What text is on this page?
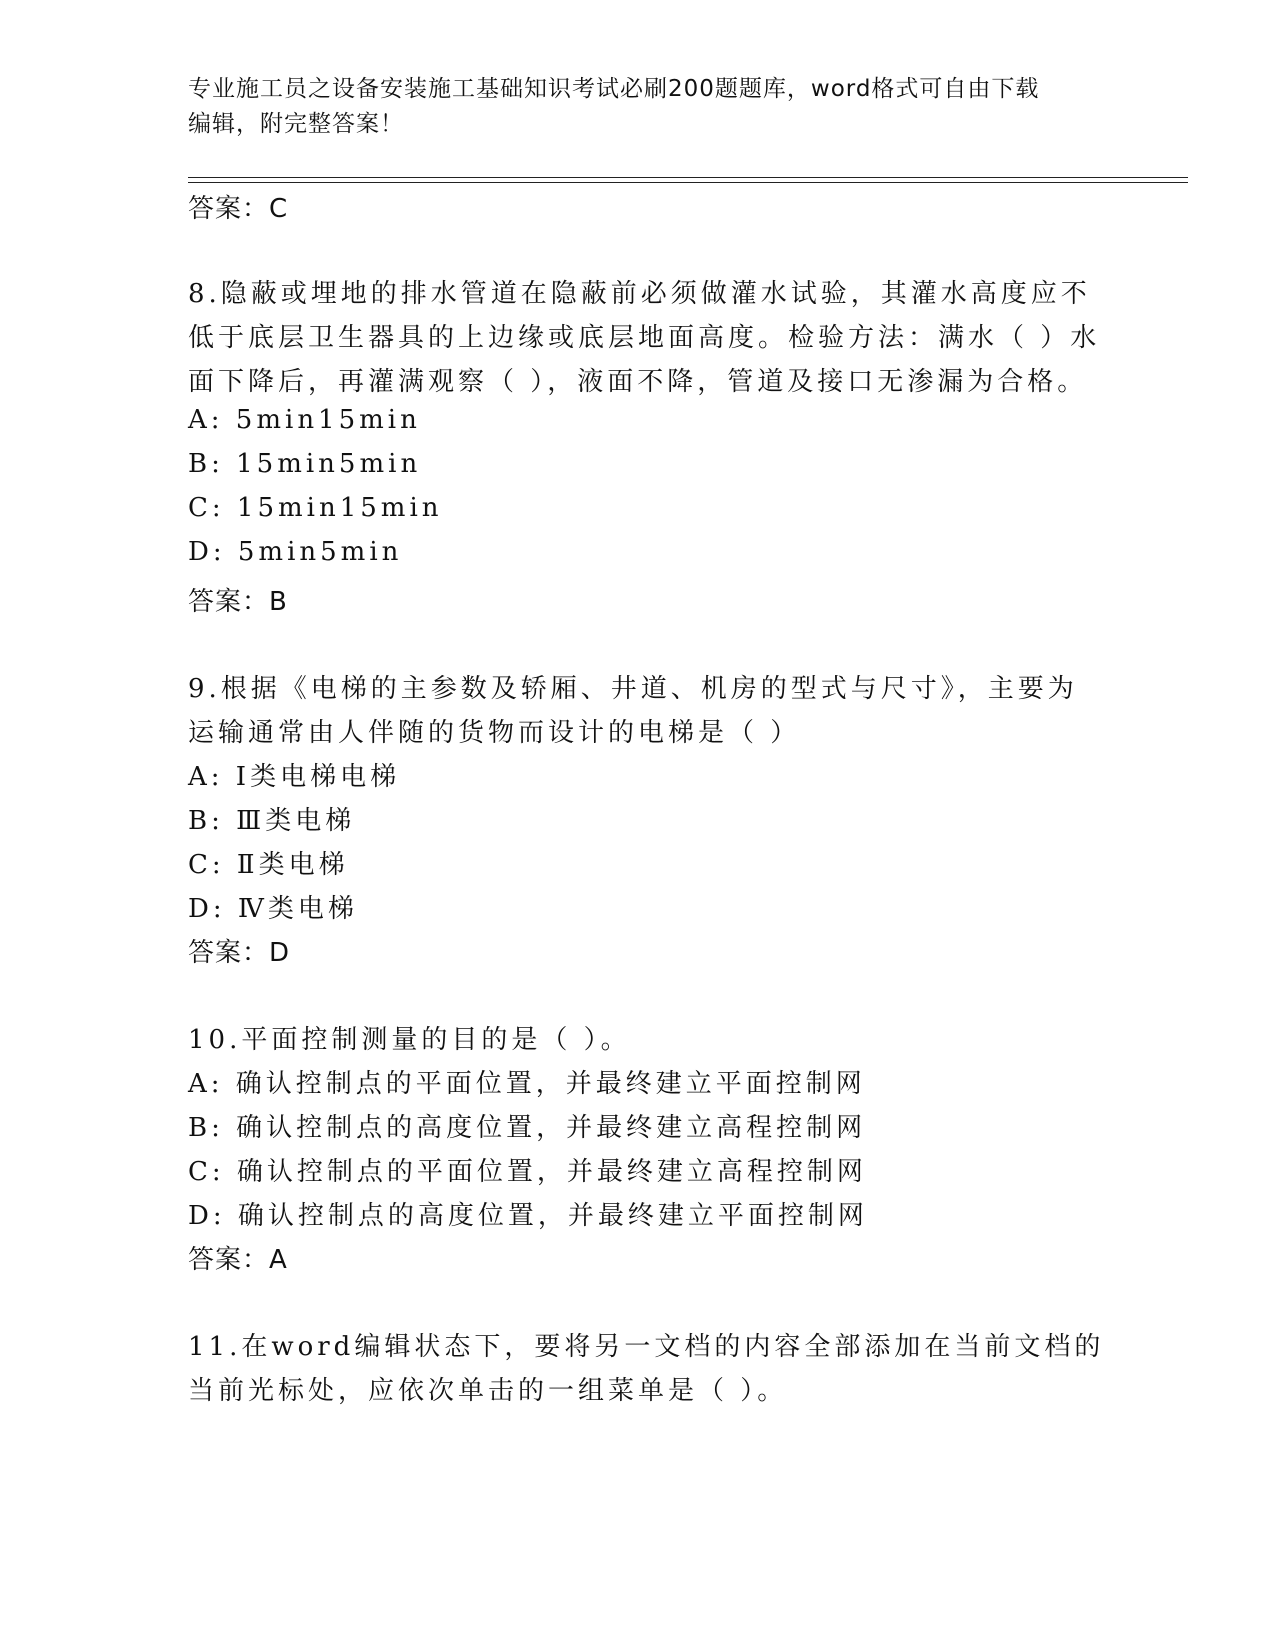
专业施工员之设备安装施工基础知识考试必刷200题题库，word格式可自由下载
编辑，附完整答案！
答案：C
8.隐蔽或埋地的排水管道在隐蔽前必须做灌水试验，其灌水高度应不
低于底层卫生器具的上边缘或底层地面高度。检验方法：满水（ ）水
面下降后，再灌满观察（ ），液面不降，管道及接口无渗漏为合格。
A: 5min15min
B: 15min5min
C: 15min15min
D: 5min5min
答案：B
9.根据《电梯的主参数及轿厢、井道、机房的型式与尺寸》，主要为
运输通常由人伴随的货物而设计的电梯是（ ）
A: Ⅰ类电梯电梯
B: Ⅲ类电梯
C: Ⅱ类电梯
D: Ⅳ类电梯
答案：D
10.平面控制测量的目的是（ ）。
A: 确认控制点的平面位置，并最终建立平面控制网
B: 确认控制点的高度位置，并最终建立高程控制网
C: 确认控制点的平面位置，并最终建立高程控制网
D: 确认控制点的高度位置，并最终建立平面控制网
答案：A
11.在word编辑状态下，要将另一文档的内容全部添加在当前文档的
当前光标处，应依次单击的一组菜单是（ ）。
